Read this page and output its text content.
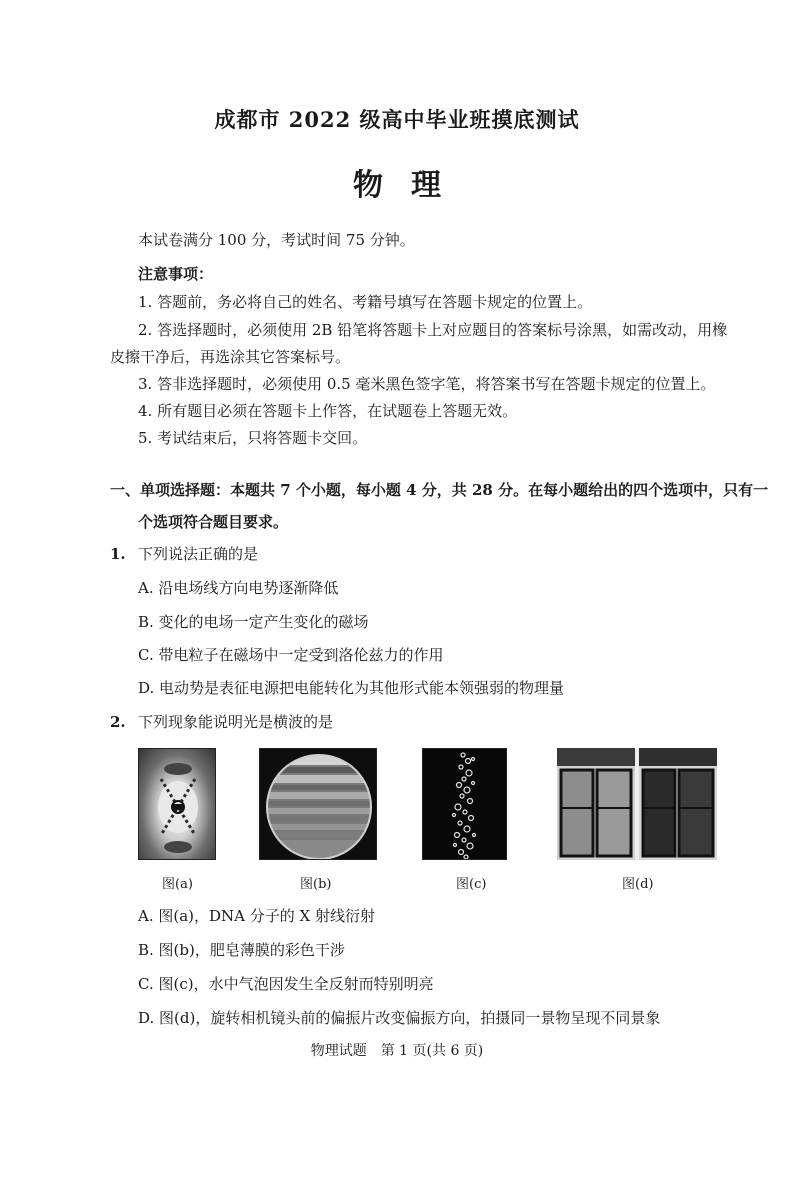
成都市 2022 级高中毕业班摸底测试
物理
本试卷满分 100 分，考试时间 75 分钟。
注意事项：
1. 答题前，务必将自己的姓名、考籍号填写在答题卡规定的位置上。
2. 答选择题时，必须使用 2B 铅笔将答题卡上对应题目的答案标号涂黑，如需改动，用橡
皮擦干净后，再选涂其它答案标号。
3. 答非选择题时，必须使用 0.5 毫米黑色签字笔，将答案书写在答题卡规定的位置上。
4. 所有题目必须在答题卡上作答，在试题卷上答题无效。
5. 考试结束后，只将答题卡交回。
一、单项选择题：本题共 7 个小题，每小题 4 分，共 28 分。在每小题给出的四个选项中，只有一
个选项符合题目要求。
1. 下列说法正确的是
A. 沿电场线方向电势逐渐降低
B. 变化的电场一定产生变化的磁场
C. 带电粒子在磁场中一定受到洛伦兹力的作用
D. 电动势是表征电源把电能转化为其他形式能本领强弱的物理量
2. 下列现象能说明光是横波的是
图(a)	图(b)	图(c)	图(d)
A. 图(a)，DNA 分子的 X 射线衍射
B. 图(b)，肥皂薄膜的彩色干涉
C. 图(c)，水中气泡因发生全反射而特别明亮
D. 图(d)，旋转相机镜头前的偏振片改变偏振方向，拍摄同一景物呈现不同景象
物理试题　第 1 页(共 6 页)
